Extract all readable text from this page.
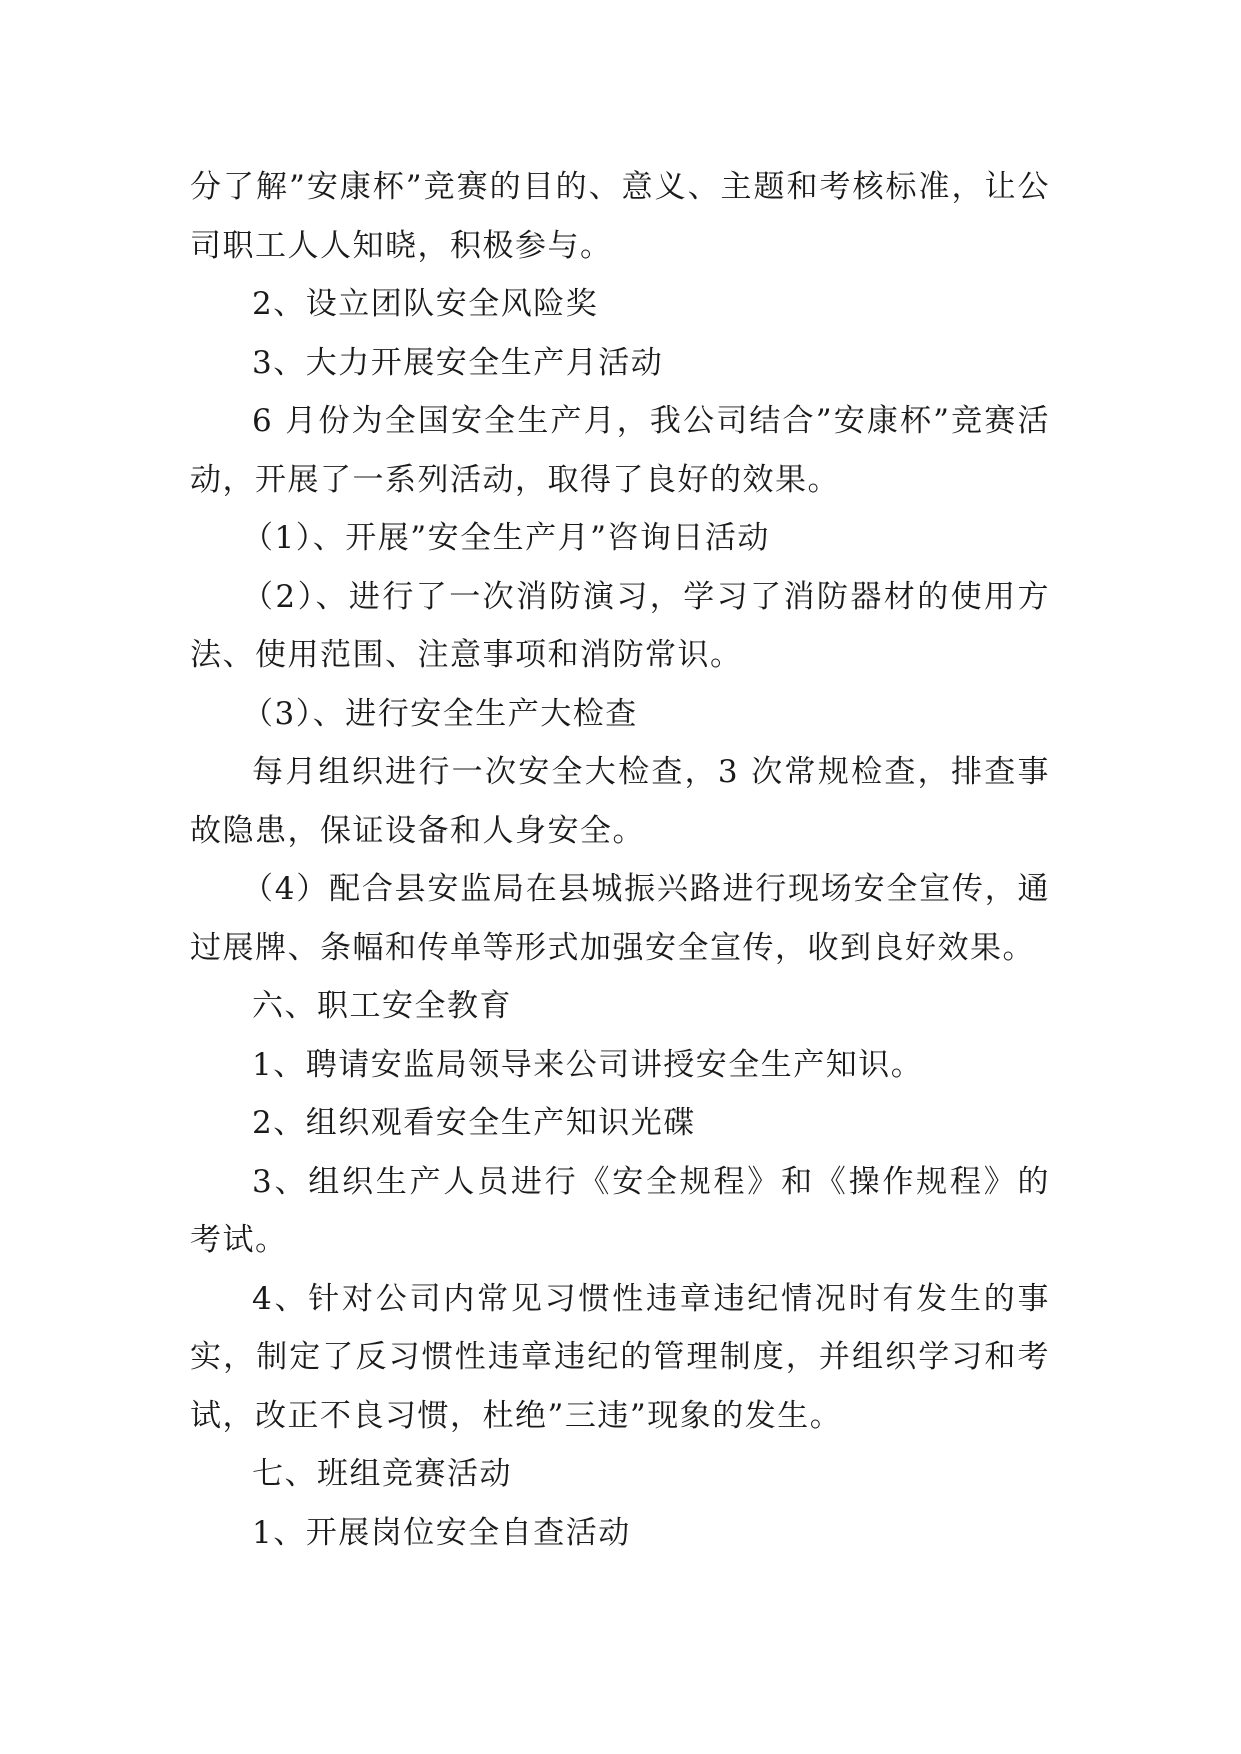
分了解”安康杯”竞赛的目的、意义、主题和考核标准，让公司职工人人知晓，积极参与。

2、设立团队安全风险奖

3、大力开展安全生产月活动

6 月份为全国安全生产月，我公司结合”安康杯”竞赛活动，开展了一系列活动，取得了良好的效果。

（1）、开展”安全生产月”咨询日活动

（2）、进行了一次消防演习，学习了消防器材的使用方法、使用范围、注意事项和消防常识。

（3）、进行安全生产大检查

每月组织进行一次安全大检查，3 次常规检查，排查事故隐患，保证设备和人身安全。

（4）配合县安监局在县城振兴路进行现场安全宣传，通过展牌、条幅和传单等形式加强安全宣传，收到良好效果。

六、职工安全教育

1、聘请安监局领导来公司讲授安全生产知识。

2、组织观看安全生产知识光碟

3、组织生产人员进行《安全规程》和《操作规程》的考试。

4、针对公司内常见习惯性违章违纪情况时有发生的事实，制定了反习惯性违章违纪的管理制度，并组织学习和考试，改正不良习惯，杜绝”三违”现象的发生。

七、班组竞赛活动

1、开展岗位安全自查活动
